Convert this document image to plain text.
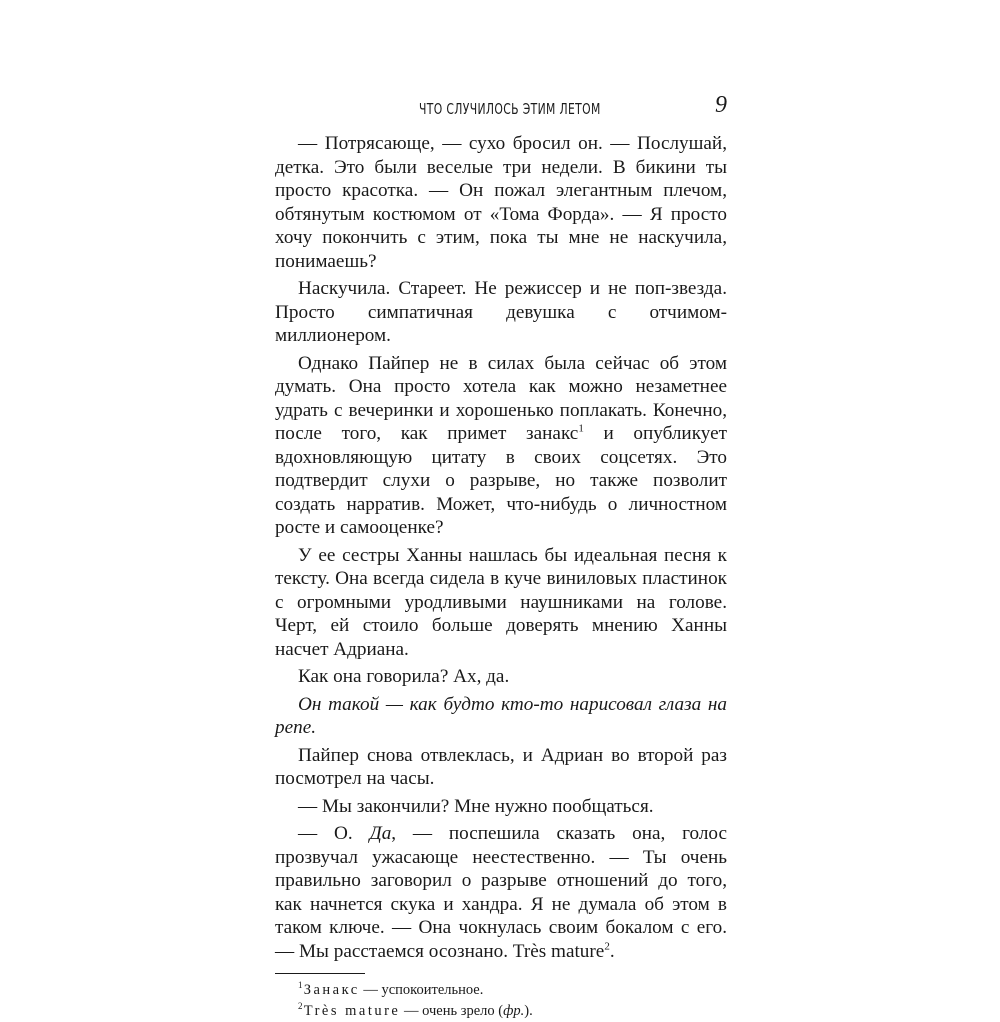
ЧТО СЛУЧИЛОСЬ ЭТИМ ЛЕТОМ	9

— Потрясающе, — сухо бросил он. — Послушай, детка. Это были веселые три недели. В бикини ты просто красотка. — Он пожал элегантным плечом, обтянутым костюмом от «Тома Форда». — Я просто хочу покончить с этим, пока ты мне не наскучила, понимаешь?

Наскучила. Стареет. Не режиссер и не поп-звезда. Просто симпатичная девушка с отчимом-миллионером.

Однако Пайпер не в силах была сейчас об этом думать. Она просто хотела как можно незаметнее удрать с вечеринки и хорошенько поплакать. Конечно, после того, как примет занакс$^1$ и опубликует вдохновляющую цитату в своих соцсетях. Это подтвердит слухи о разрыве, но также позволит создать нарратив. Может, что-нибудь о личностном росте и самооценке?

У ее сестры Ханны нашлась бы идеальная песня к тексту. Она всегда сидела в куче виниловых пластинок с огромными уродливыми наушниками на голове. Черт, ей стоило больше доверять мнению Ханны насчет Адриана.

Как она говорила? Ах, да.

Он такой — как будто кто-то нарисовал глаза на репе.

Пайпер снова отвлеклась, и Адриан во второй раз посмотрел на часы.

— Мы закончили? Мне нужно пообщаться.

— О. Да, — поспешила сказать она, голос прозвучал ужасающе неестественно. — Ты очень правильно заговорил о разрыве отношений до того, как начнется скука и хандра. Я не думала об этом в таком ключе. — Она чокнулась своим бокалом с его. — Мы расстаемся осознано. Très mature$^2$.

$^1$ Занакс — успокоительное.

$^2$ Très mature — очень зрело (фр.).
